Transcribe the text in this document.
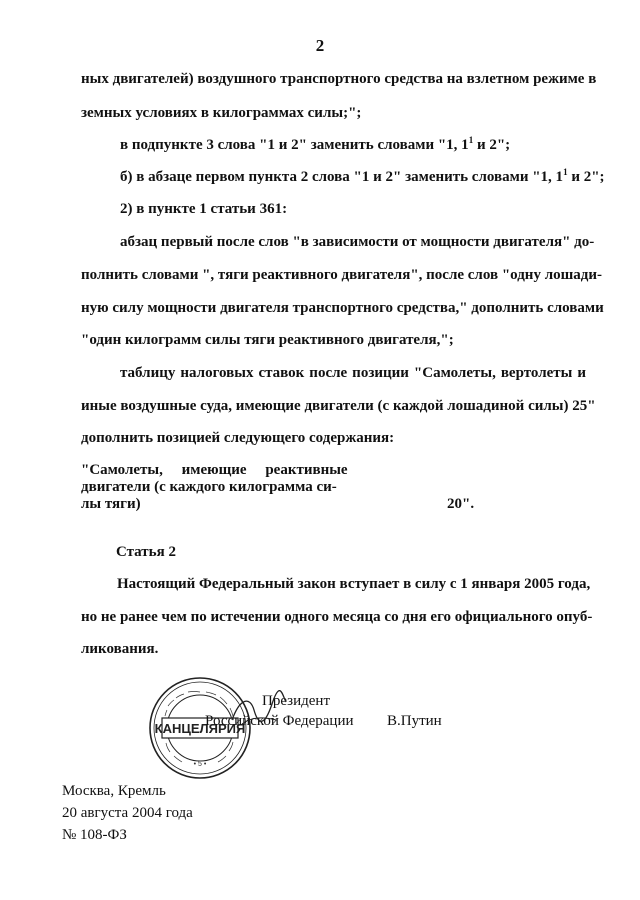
2
ных двигателей) воздушного транспортного средства на взлетном режиме в
земных условиях в килограммах силы;";
в подпункте 3 слова "1 и 2" заменить словами "1, $1^1$ и 2";
б) в абзаце первом пункта 2 слова "1 и 2" заменить словами "1, $1^1$ и 2";
2) в пункте 1 статьи 361:
абзац первый после слов "в зависимости от мощности двигателя" до-
полнить словами ", тяги реактивного двигателя", после слов "одну лошади-
ную силу мощности двигателя транспортного средства," дополнить словами
"один килограмм силы тяги реактивного двигателя,";
таблицу налоговых ставок после позиции "Самолеты, вертолеты и
иные воздушные суда, имеющие двигатели (с каждой лошадиной силы) 25"
дополнить позицией следующего содержания:
"Самолеты,     имеющие     реактивные
двигатели (с каждого килограмма си-
лы тяги)	20".
Статья 2
Настоящий Федеральный закон вступает в силу с 1 января 2005 года,
но не ранее чем по истечении одного месяца со дня его официального опуб-
ликования.
КАНЦЕЛЯРИЯ
• 5 •
Президент
Российской Федерации В.Путин
Москва, Кремль
20 августа 2004 года
№ 108-ФЗ
